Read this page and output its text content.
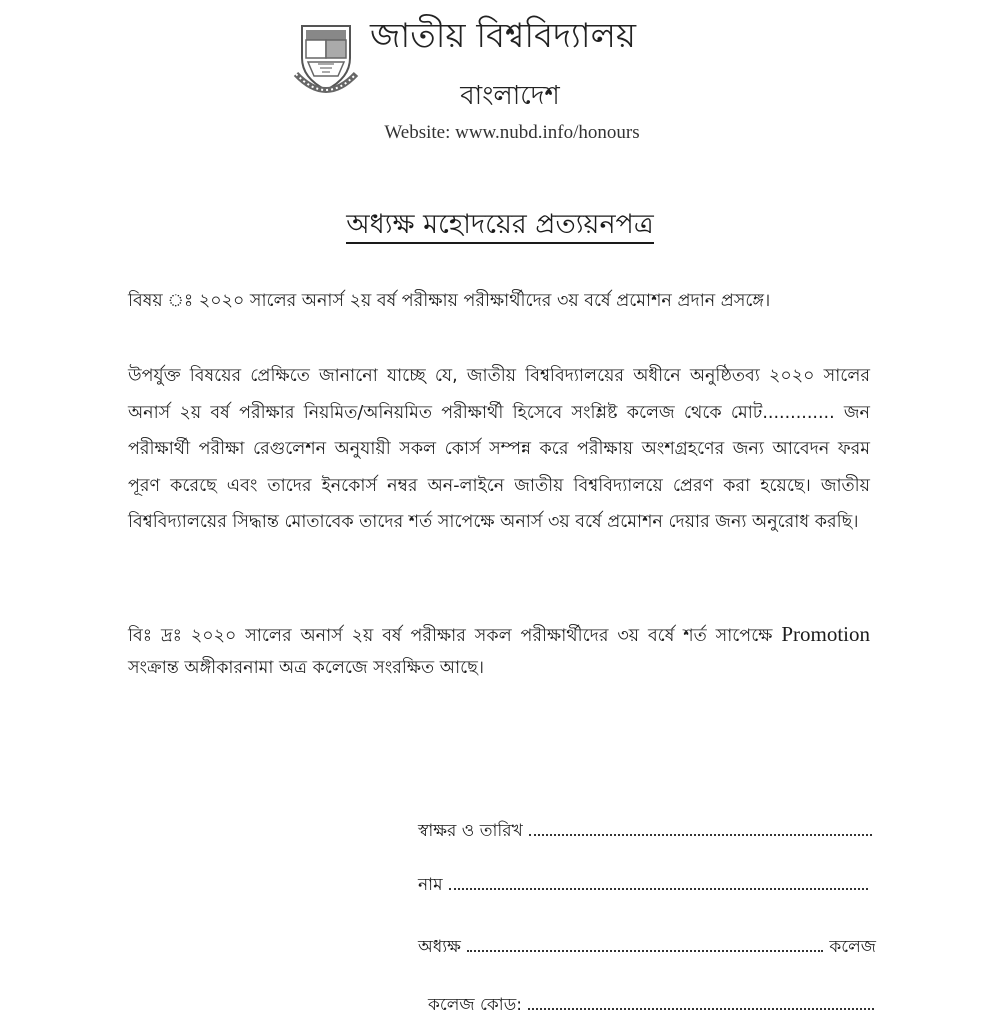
জাতীয় বিশ্ববিদ্যালয়
বাংলাদেশ
Website: www.nubd.info/honours
অধ্যক্ষ মহোদয়ের প্রত্যয়নপত্র
বিষয় ঃ ২০২০ সালের অনার্স ২য় বর্ষ পরীক্ষায় পরীক্ষার্থীদের ৩য় বর্ষে প্রমোশন প্রদান প্রসঙ্গে।
উপর্যুক্ত বিষয়ের প্রেক্ষিতে জানানো যাচ্ছে যে, জাতীয় বিশ্ববিদ্যালয়ের অধীনে অনুষ্ঠিতব্য ২০২০ সালের অনার্স ২য় বর্ষ পরীক্ষার নিয়মিত/অনিয়মিত পরীক্ষার্থী হিসেবে সংশ্লিষ্ট কলেজ থেকে মোট............. জন পরীক্ষার্থী পরীক্ষা রেগুলেশন অনুযায়ী সকল কোর্স সম্পন্ন করে পরীক্ষায় অংশগ্রহণের জন্য আবেদন ফরম পূরণ করেছে এবং তাদের ইনকোর্স নম্বর অন-লাইনে জাতীয় বিশ্ববিদ্যালয়ে প্রেরণ করা হয়েছে। জাতীয় বিশ্ববিদ্যালয়ের সিদ্ধান্ত মোতাবেক তাদের শর্ত সাপেক্ষে অনার্স ৩য় বর্ষে প্রমোশন দেয়ার জন্য অনুরোধ করছি।
বিঃ দ্রঃ ২০২০ সালের অনার্স ২য় বর্ষ পরীক্ষার সকল পরীক্ষার্থীদের ৩য় বর্ষে শর্ত সাপেক্ষে Promotion সংক্রান্ত অঙ্গীকারনামা অত্র কলেজে সংরক্ষিত আছে।
স্বাক্ষর ও তারিখ
নাম
অধ্যক্ষ	কলেজ
কলেজ কোড:
